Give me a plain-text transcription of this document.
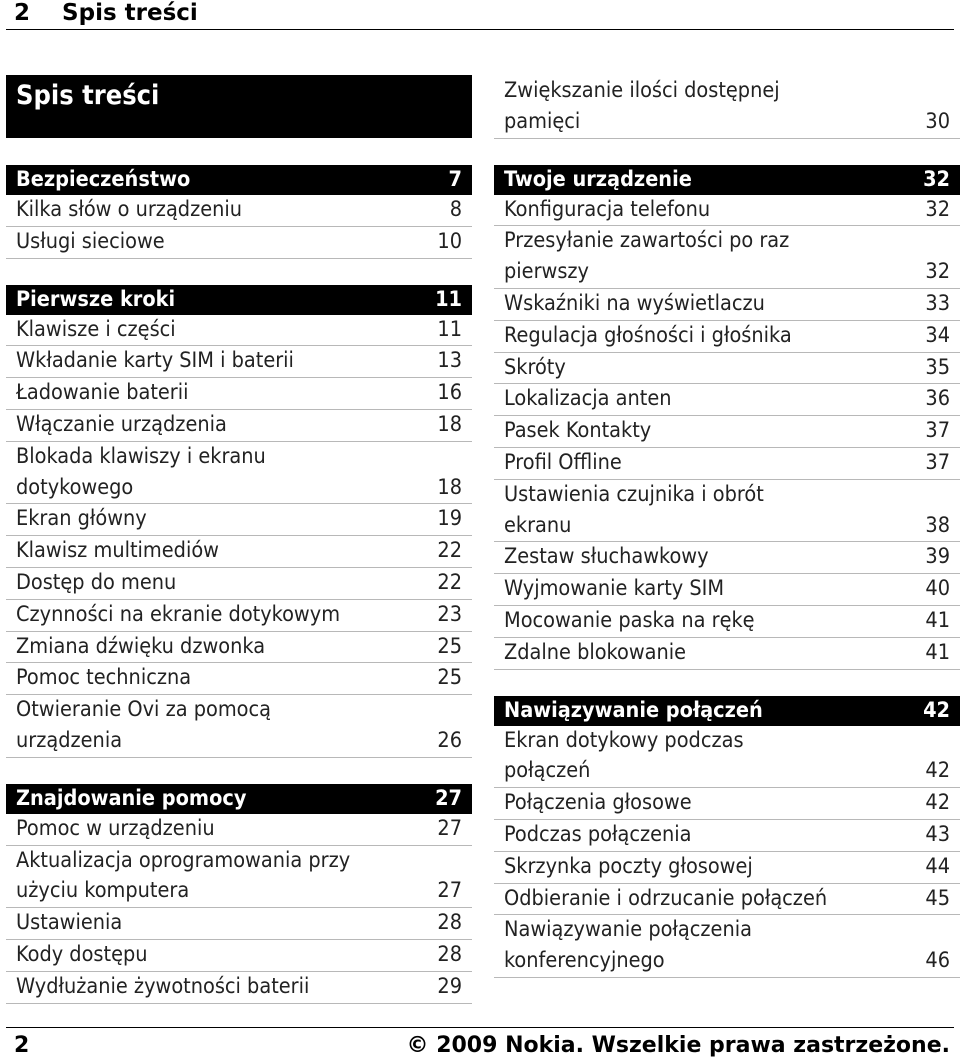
2 Spis treści
Spis treści
Bezpieczeństwo	7
Kilka słów o urządzeniu	8
Usługi sieciowe	10
Pierwsze kroki	11
Klawisze i części	11
Wkładanie karty SIM i baterii	13
Ładowanie baterii	16
Włączanie urządzenia	18
Blokada klawiszy i ekranu
dotykowego	18
Ekran główny	19
Klawisz multimediów	22
Dostęp do menu	22
Czynności na ekranie dotykowym	23
Zmiana dźwięku dzwonka	25
Pomoc techniczna	25
Otwieranie Ovi za pomocą
urządzenia	26
Znajdowanie pomocy	27
Pomoc w urządzeniu	27
Aktualizacja oprogramowania przy
użyciu komputera	27
Ustawienia	28
Kody dostępu	28
Wydłużanie żywotności baterii	29
Zwiększanie ilości dostępnej
pamięci	30
Twoje urządzenie	32
Konfiguracja telefonu	32
Przesyłanie zawartości po raz
pierwszy	32
Wskaźniki na wyświetlaczu	33
Regulacja głośności i głośnika	34
Skróty	35
Lokalizacja anten	36
Pasek Kontakty	37
Profil Offline	37
Ustawienia czujnika i obrót
ekranu	38
Zestaw słuchawkowy	39
Wyjmowanie karty SIM	40
Mocowanie paska na rękę	41
Zdalne blokowanie	41
Nawiązywanie połączeń	42
Ekran dotykowy podczas
połączeń	42
Połączenia głosowe	42
Podczas połączenia	43
Skrzynka poczty głosowej	44
Odbieranie i odrzucanie połączeń	45
Nawiązywanie połączenia
konferencyjnego	46
2	© 2009 Nokia. Wszelkie prawa zastrzeżone.
